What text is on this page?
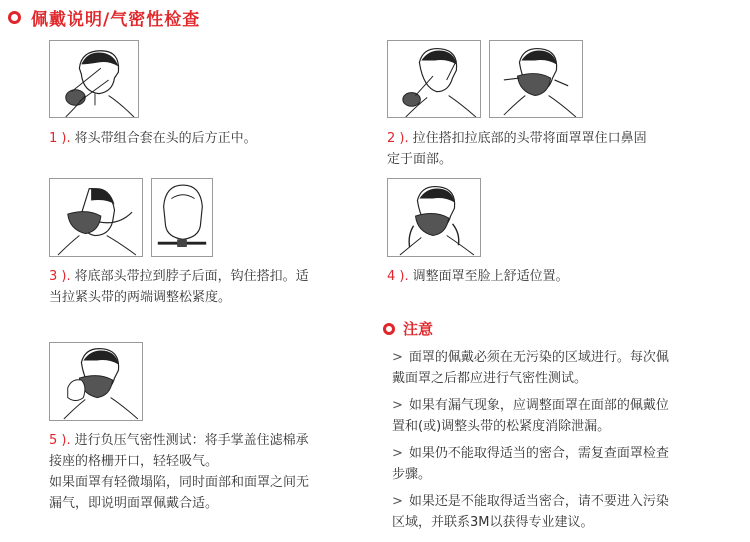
佩戴说明/气密性检查

1 ). 将头带组合套在头的后方正中。	2 ). 拉住搭扣拉底部的头带将面罩罩住口鼻固

定于面部。

3 ). 将底部头带拉到脖子后面，钩住搭扣。适

当拉紧头带的两端调整松紧度。

4 ). 调整面罩至脸上舒适位置。

5 ). 进行负压气密性测试：将手掌盖住滤棉承

接座的格栅开口，轻轻吸气。

如果面罩有轻微塌陷，同时面部和面罩之间无

漏气，即说明面罩佩戴合适。

注意
> 面罩的佩戴必须在无污染的区域进行。每次佩
戴面罩之后都应进行气密性测试。
> 如果有漏气现象，应调整面罩在面部的佩戴位
置和(或)调整头带的松紧度消除泄漏。
> 如果仍不能取得适当的密合，需复查面罩检查
步骤。
> 如果还是不能取得适当密合，请不要进入污染
区域，并联系3M以获得专业建议。
